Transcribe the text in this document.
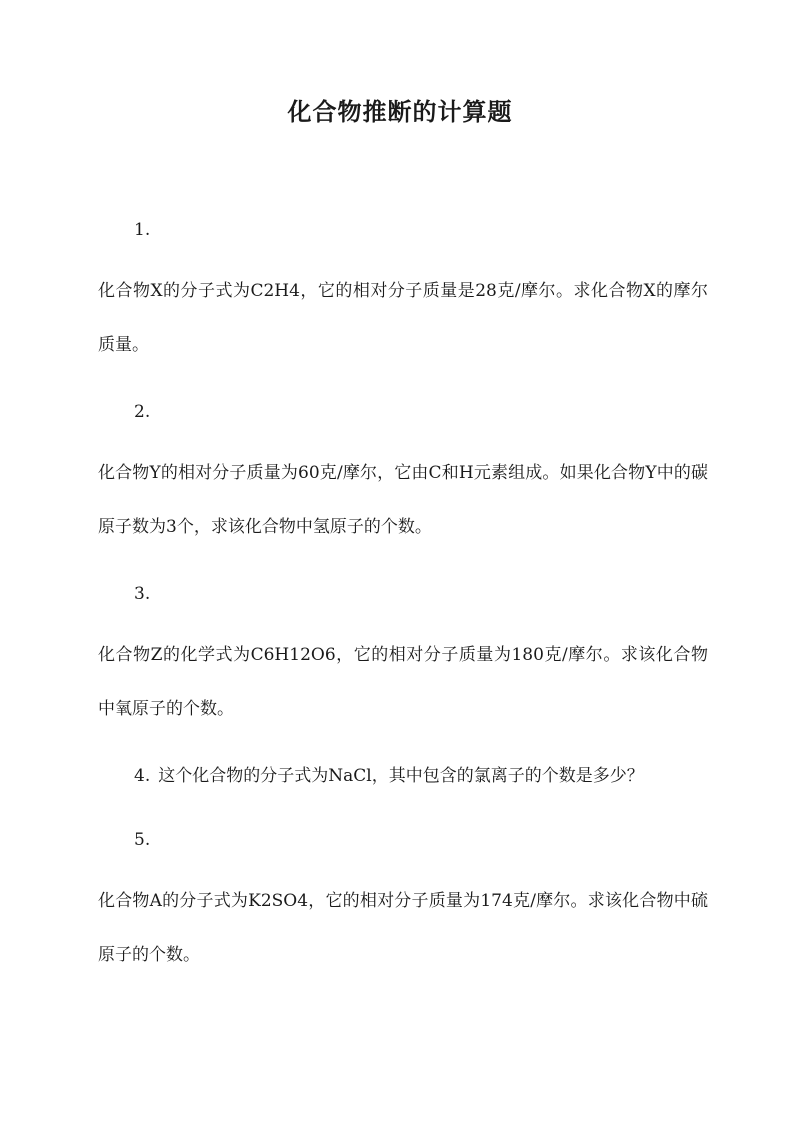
化合物推断的计算题
1.
化合物X的分子式为C2H4，它的相对分子质量是28克/摩尔。求化合物X的摩尔质量。
2.
化合物Y的相对分子质量为60克/摩尔，它由C和H元素组成。如果化合物Y中的碳原子数为3个，求该化合物中氢原子的个数。
3.
化合物Z的化学式为C6H12O6，它的相对分子质量为180克/摩尔。求该化合物中氧原子的个数。
4. 这个化合物的分子式为NaCl，其中包含的氯离子的个数是多少？
5.
化合物A的分子式为K2SO4，它的相对分子质量为174克/摩尔。求该化合物中硫原子的个数。
